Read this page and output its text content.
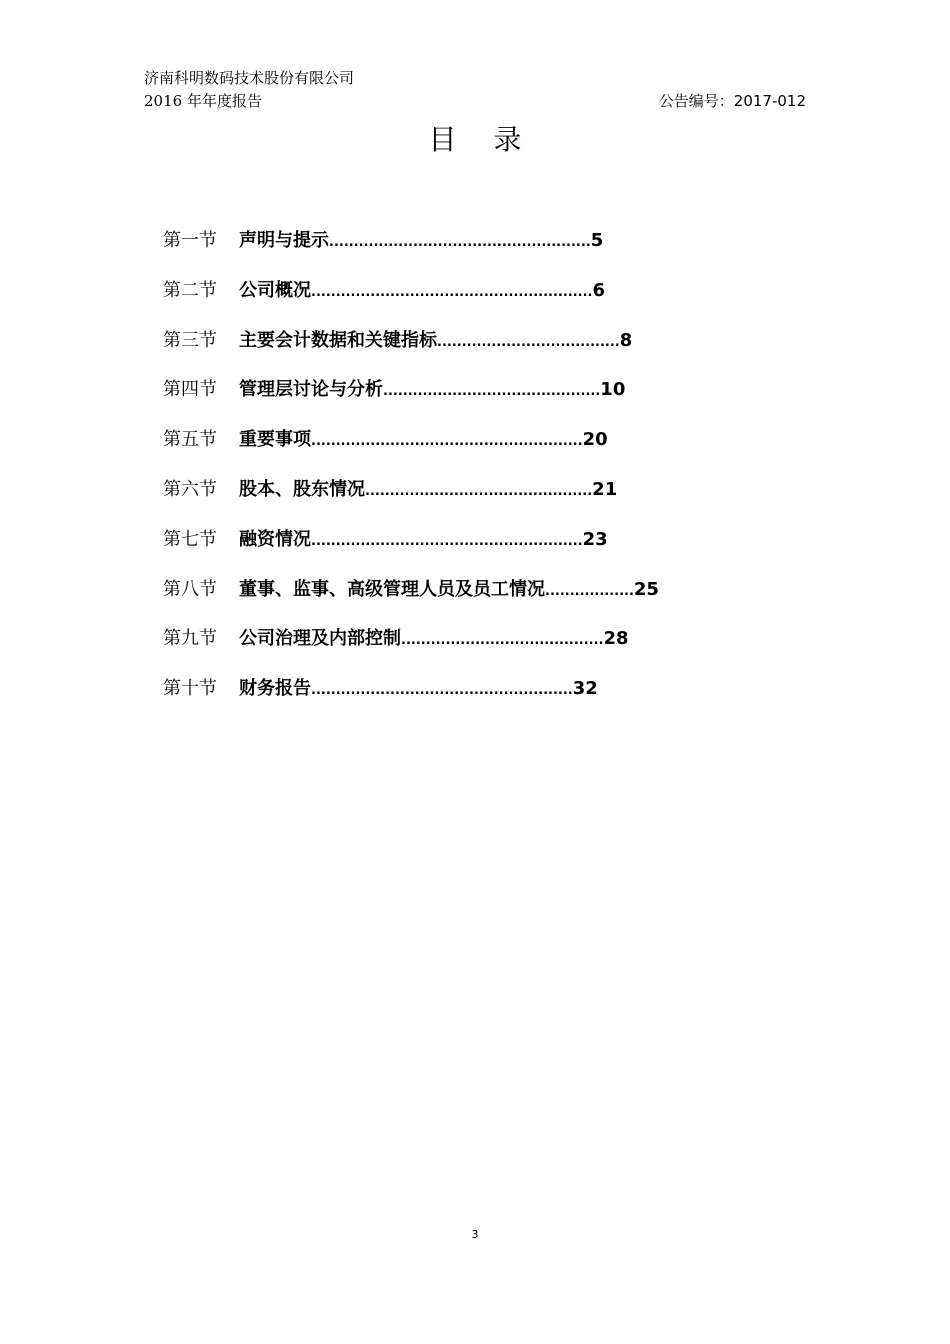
济南科明数码技术股份有限公司
2016 年年度报告	公告编号：2017-012
目 录
第一节 声明与提示 ..................................................... 5
第二节 公司概况 ......................................................... 6
第三节 主要会计数据和关键指标 ..................................... 8
第四节 管理层讨论与分析 ............................................ 10
第五节 重要事项 ....................................................... 20
第六节 股本、股东情况 .............................................. 21
第七节 融资情况 ....................................................... 23
第八节 董事、监事、高级管理人员及员工情况 .................. 25
第九节 公司治理及内部控制 ......................................... 28
第十节 财务报告 ..................................................... 32
3
